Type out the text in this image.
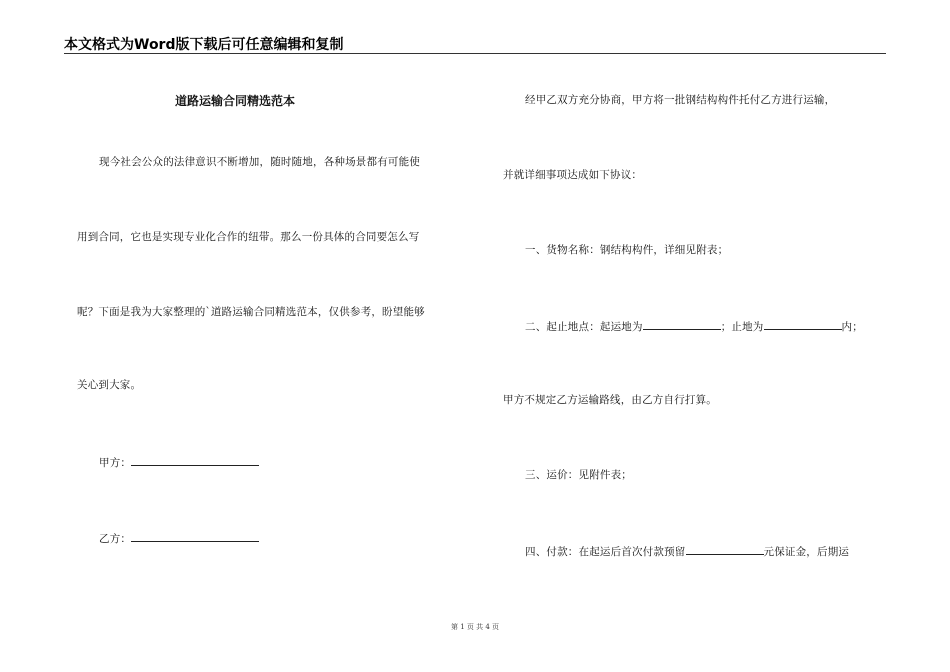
本文格式为Word版下载后可任意编辑和复制
道路运输合同精选范本
现今社会公众的法律意识不断增加，随时随地，各种场景都有可能使
用到合同，它也是实现专业化合作的纽带。那么一份具体的合同要怎么写
呢？下面是我为大家整理的`道路运输合同精选范本，仅供参考，盼望能够
关心到大家。
甲方：
乙方：
经甲乙双方充分协商，甲方将一批钢结构构件托付乙方进行运输，
并就详细事项达成如下协议：
一、货物名称：钢结构构件，详细见附表；
二、起止地点：起运地为	；止地为	内；
甲方不规定乙方运输路线，由乙方自行打算。
三、运价：见附件表；
四、付款：在起运后首次付款预留	元保证金，后期运
第 1 页 共 4 页
